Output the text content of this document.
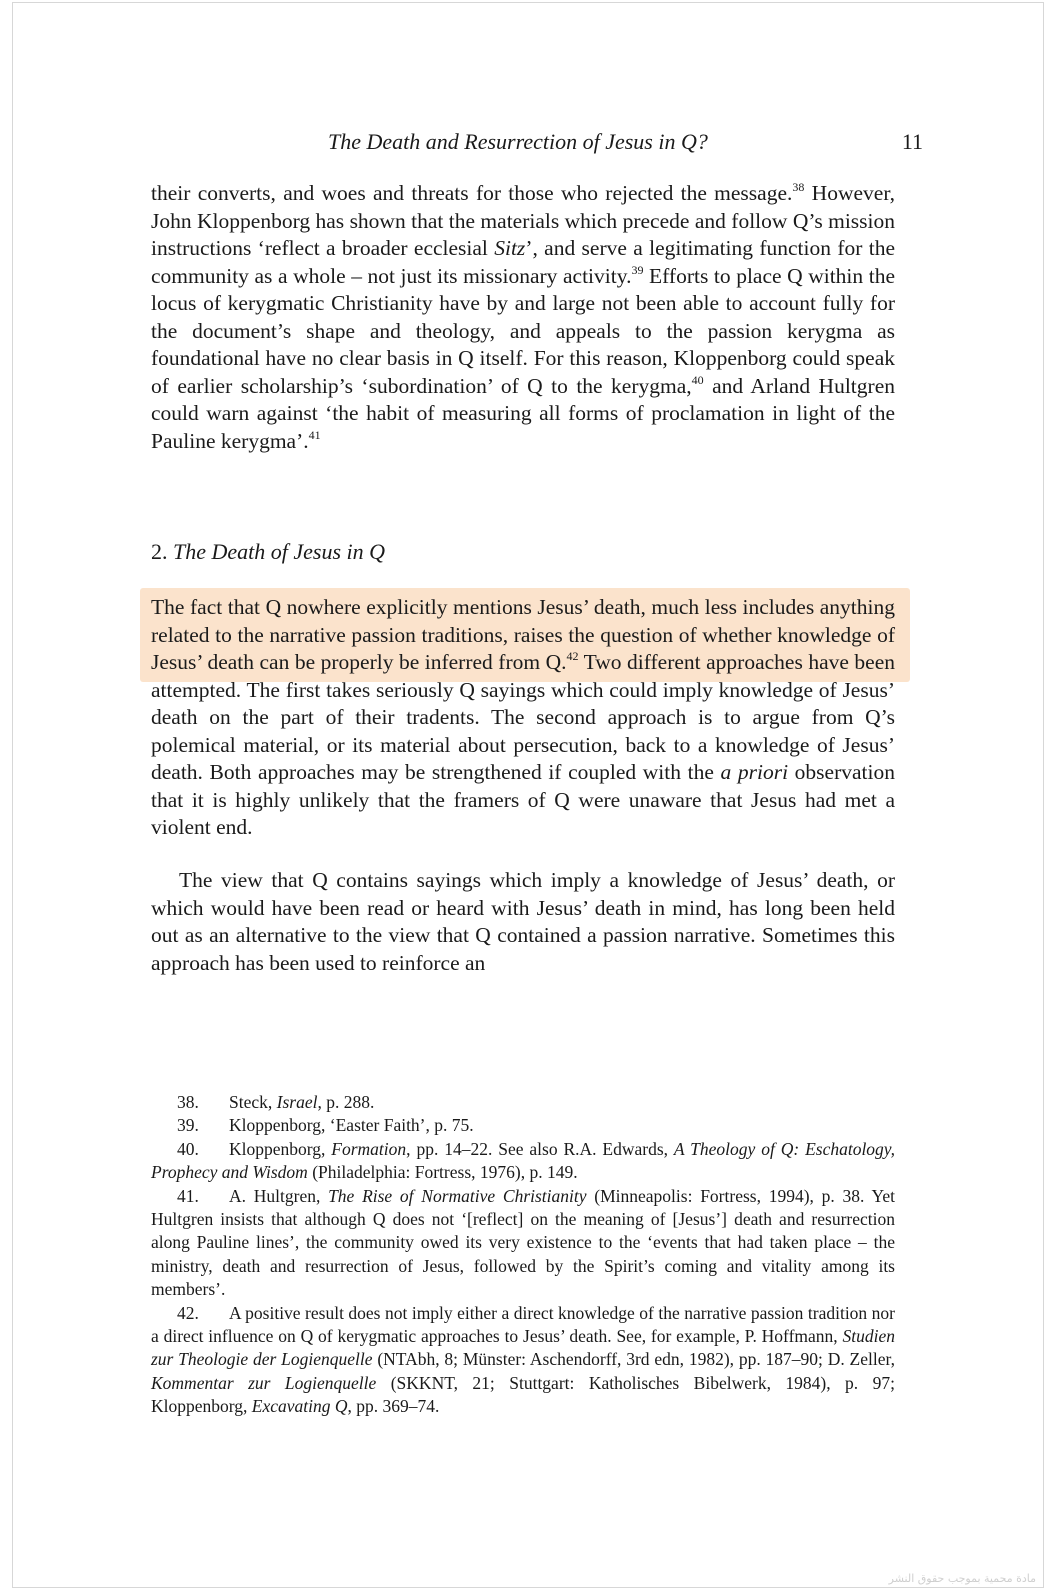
The Death and Resurrection of Jesus in Q?	11

their converts, and woes and threats for those who rejected the message.$^{38}$ However, John Kloppenborg has shown that the materials which precede and follow Q’s mission instructions ‘reflect a broader ecclesial Sitz’, and serve a legitimating function for the community as a whole – not just its missionary activity.$^{39}$ Efforts to place Q within the locus of kerygmatic Christianity have by and large not been able to account fully for the document’s shape and theology, and appeals to the passion kerygma as foundational have no clear basis in Q itself. For this reason, Kloppenborg could speak of earlier scholarship’s ‘subordination’ of Q to the kerygma,$^{40}$ and Arland Hultgren could warn against ‘the habit of measuring all forms of proclamation in light of the Pauline kerygma’.$^{41}$

2. The Death of Jesus in Q

The fact that Q nowhere explicitly mentions Jesus’ death, much less includes anything related to the narrative passion traditions, raises the question of whether knowledge of Jesus’ death can be properly be inferred from Q.$^{42}$ Two different approaches have been attempted. The first takes seriously Q sayings which could imply knowledge of Jesus’ death on the part of their tradents. The second approach is to argue from Q’s polemical material, or its material about persecution, back to a knowledge of Jesus’ death. Both approaches may be strengthened if coupled with the a priori observation that it is highly unlikely that the framers of Q were unaware that Jesus had met a violent end.

The view that Q contains sayings which imply a knowledge of Jesus’ death, or which would have been read or heard with Jesus’ death in mind, has long been held out as an alternative to the view that Q contained a passion narrative. Sometimes this approach has been used to reinforce an

38. Steck, Israel, p. 288.

39. Kloppenborg, ‘Easter Faith’, p. 75.

40. Kloppenborg, Formation, pp. 14–22. See also R.A. Edwards, A Theology of Q: Eschatology, Prophecy and Wisdom (Philadelphia: Fortress, 1976), p. 149.

41. A. Hultgren, The Rise of Normative Christianity (Minneapolis: Fortress, 1994), p. 38. Yet Hultgren insists that although Q does not ‘[reflect] on the meaning of [Jesus’] death and resurrection along Pauline lines’, the community owed its very existence to the ‘events that had taken place – the ministry, death and resurrection of Jesus, followed by the Spirit’s coming and vitality among its members’.

42. A positive result does not imply either a direct knowledge of the narrative passion tradition nor a direct influence on Q of kerygmatic approaches to Jesus’ death. See, for example, P. Hoffmann, Studien zur Theologie der Logienquelle (NTAbh, 8; Münster: Aschendorff, 3rd edn, 1982), pp. 187–90; D. Zeller, Kommentar zur Logienquelle (SKKNT, 21; Stuttgart: Katholisches Bibelwerk, 1984), p. 97; Kloppenborg, Excavating Q, pp. 369–74.

مادة محمية بموجب حقوق النشر
